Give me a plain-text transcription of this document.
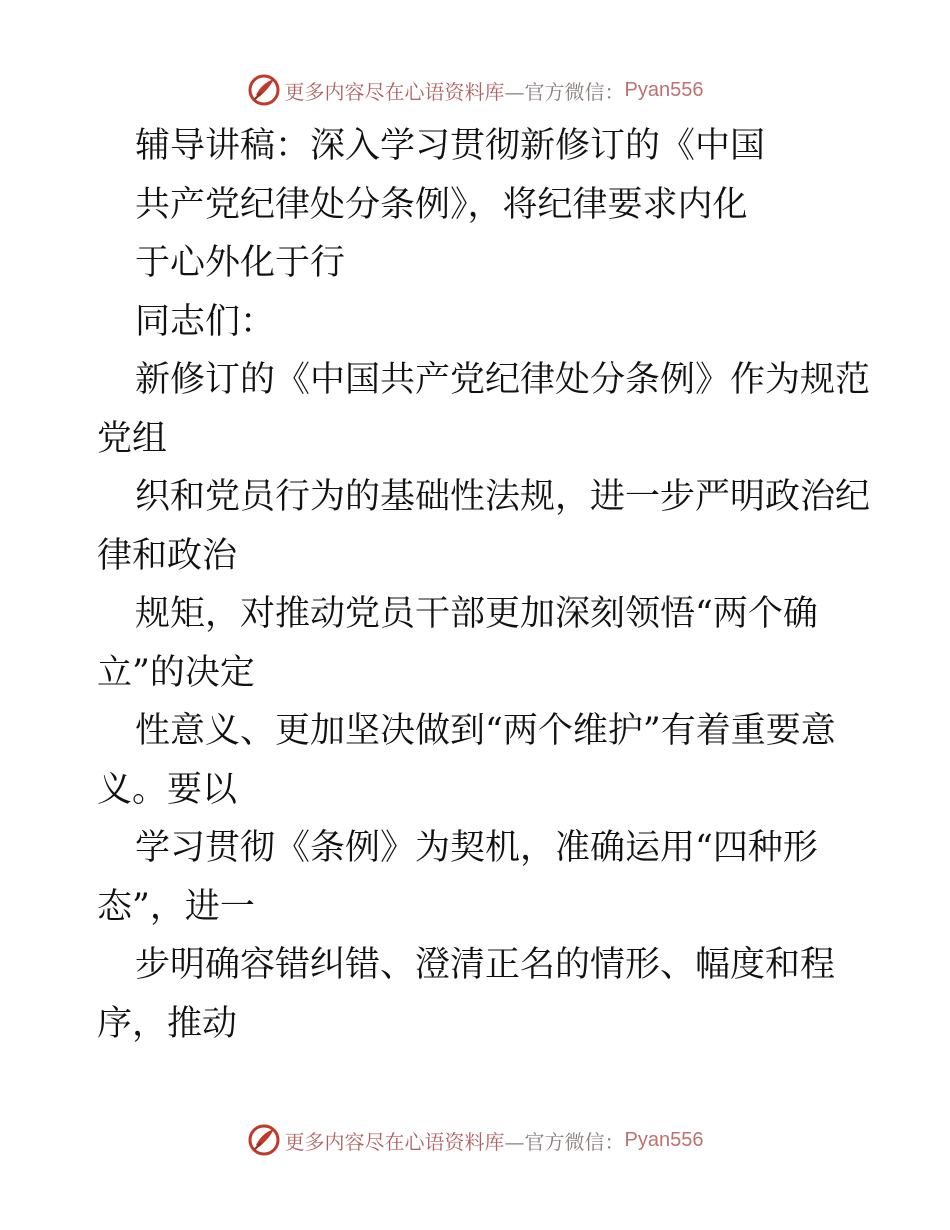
更多内容尽在心语资料库 —官方微信： Pyan556
辅导讲稿：深入学习贯彻新修订的《中国
共产党纪律处分条例》，将纪律要求内化
于心外化于行
同志们：
新修订的《中国共产党纪律处分条例》作为规范
党组
织和党员行为的基础性法规，进一步严明政治纪
律和政治
规矩，对推动党员干部更加深刻领悟“两个确
立”的决定
性意义、更加坚决做到“两个维护”有着重要意
义。要以
学习贯彻《条例》为契机，准确运用“四种形
态”，进一
步明确容错纠错、澄清正名的情形、幅度和程
序，推动
更多内容尽在心语资料库 —官方微信： Pyan556
